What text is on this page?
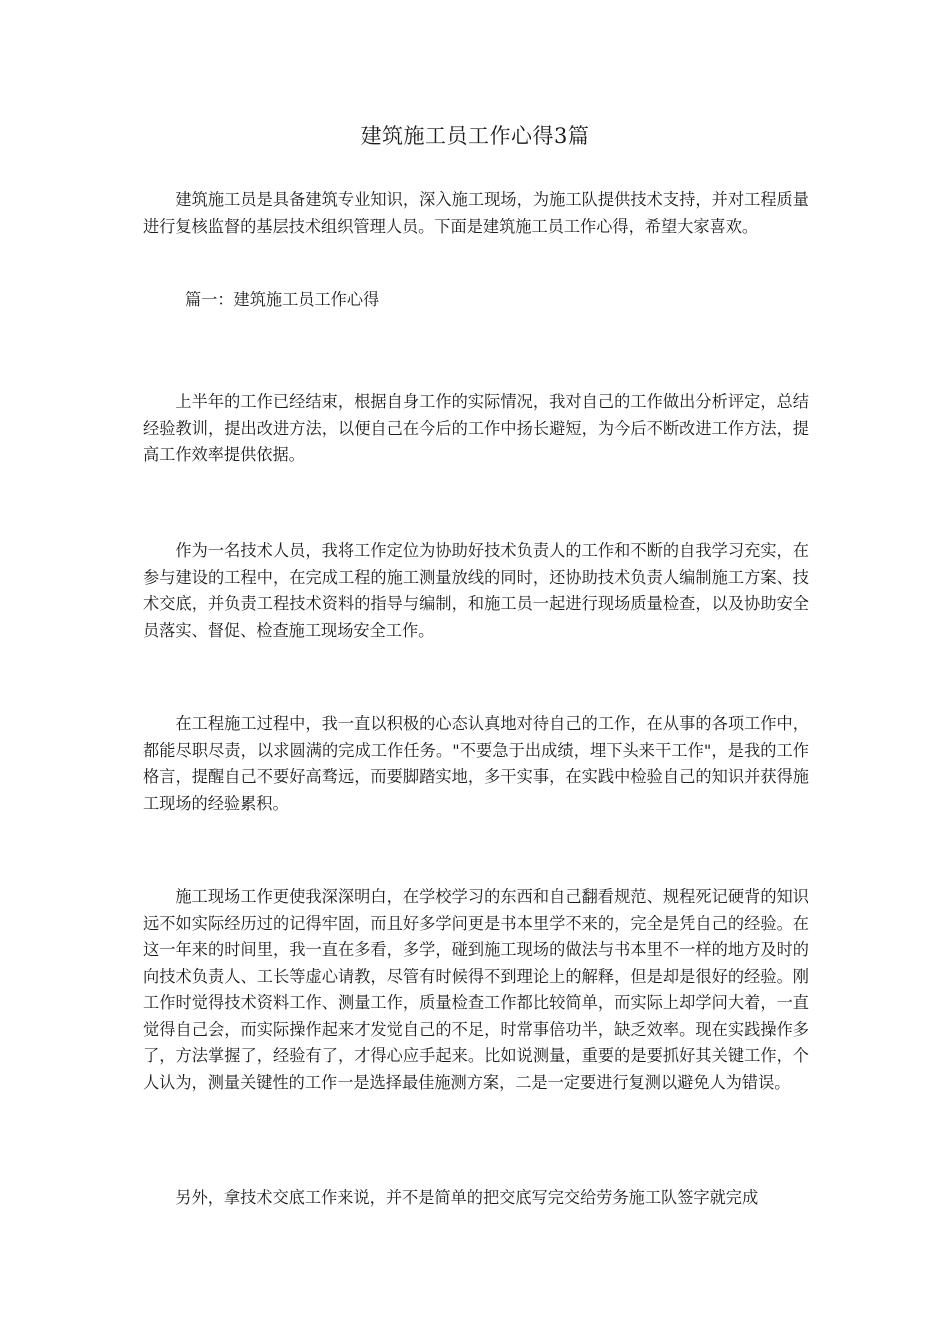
建筑施工员工作心得3篇

建筑施工员是具备建筑专业知识，深入施工现场，为施工队提供技术支持，并对工程质量进行复核监督的基层技术组织管理人员。下面是建筑施工员工作心得，希望大家喜欢。

篇一：建筑施工员工作心得

上半年的工作已经结束，根据自身工作的实际情况，我对自己的工作做出分析评定，总结经验教训，提出改进方法，以便自己在今后的工作中扬长避短，为今后不断改进工作方法，提高工作效率提供依据。

作为一名技术人员，我将工作定位为协助好技术负责人的工作和不断的自我学习充实，在参与建设的工程中，在完成工程的施工测量放线的同时，还协助技术负责人编制施工方案、技术交底，并负责工程技术资料的指导与编制，和施工员一起进行现场质量检查，以及协助安全员落实、督促、检查施工现场安全工作。

在工程施工过程中，我一直以积极的心态认真地对待自己的工作，在从事的各项工作中，都能尽职尽责，以求圆满的完成工作任务。"不要急于出成绩，埋下头来干工作"，是我的工作格言，提醒自己不要好高骛远，而要脚踏实地，多干实事，在实践中检验自己的知识并获得施工现场的经验累积。

施工现场工作更使我深深明白，在学校学习的东西和自己翻看规范、规程死记硬背的知识远不如实际经历过的记得牢固，而且好多学问更是书本里学不来的，完全是凭自己的经验。在这一年来的时间里，我一直在多看，多学，碰到施工现场的做法与书本里不一样的地方及时的向技术负责人、工长等虚心请教，尽管有时候得不到理论上的解释，但是却是很好的经验。刚工作时觉得技术资料工作、测量工作，质量检查工作都比较简单，而实际上却学问大着，一直觉得自己会，而实际操作起来才发觉自己的不足，时常事倍功半，缺乏效率。现在实践操作多了，方法掌握了，经验有了，才得心应手起来。比如说测量，重要的是要抓好其关键工作，个人认为，测量关键性的工作一是选择最佳施测方案，二是一定要进行复测以避免人为错误。

另外，拿技术交底工作来说，并不是简单的把交底写完交给劳务施工队签字就完成
